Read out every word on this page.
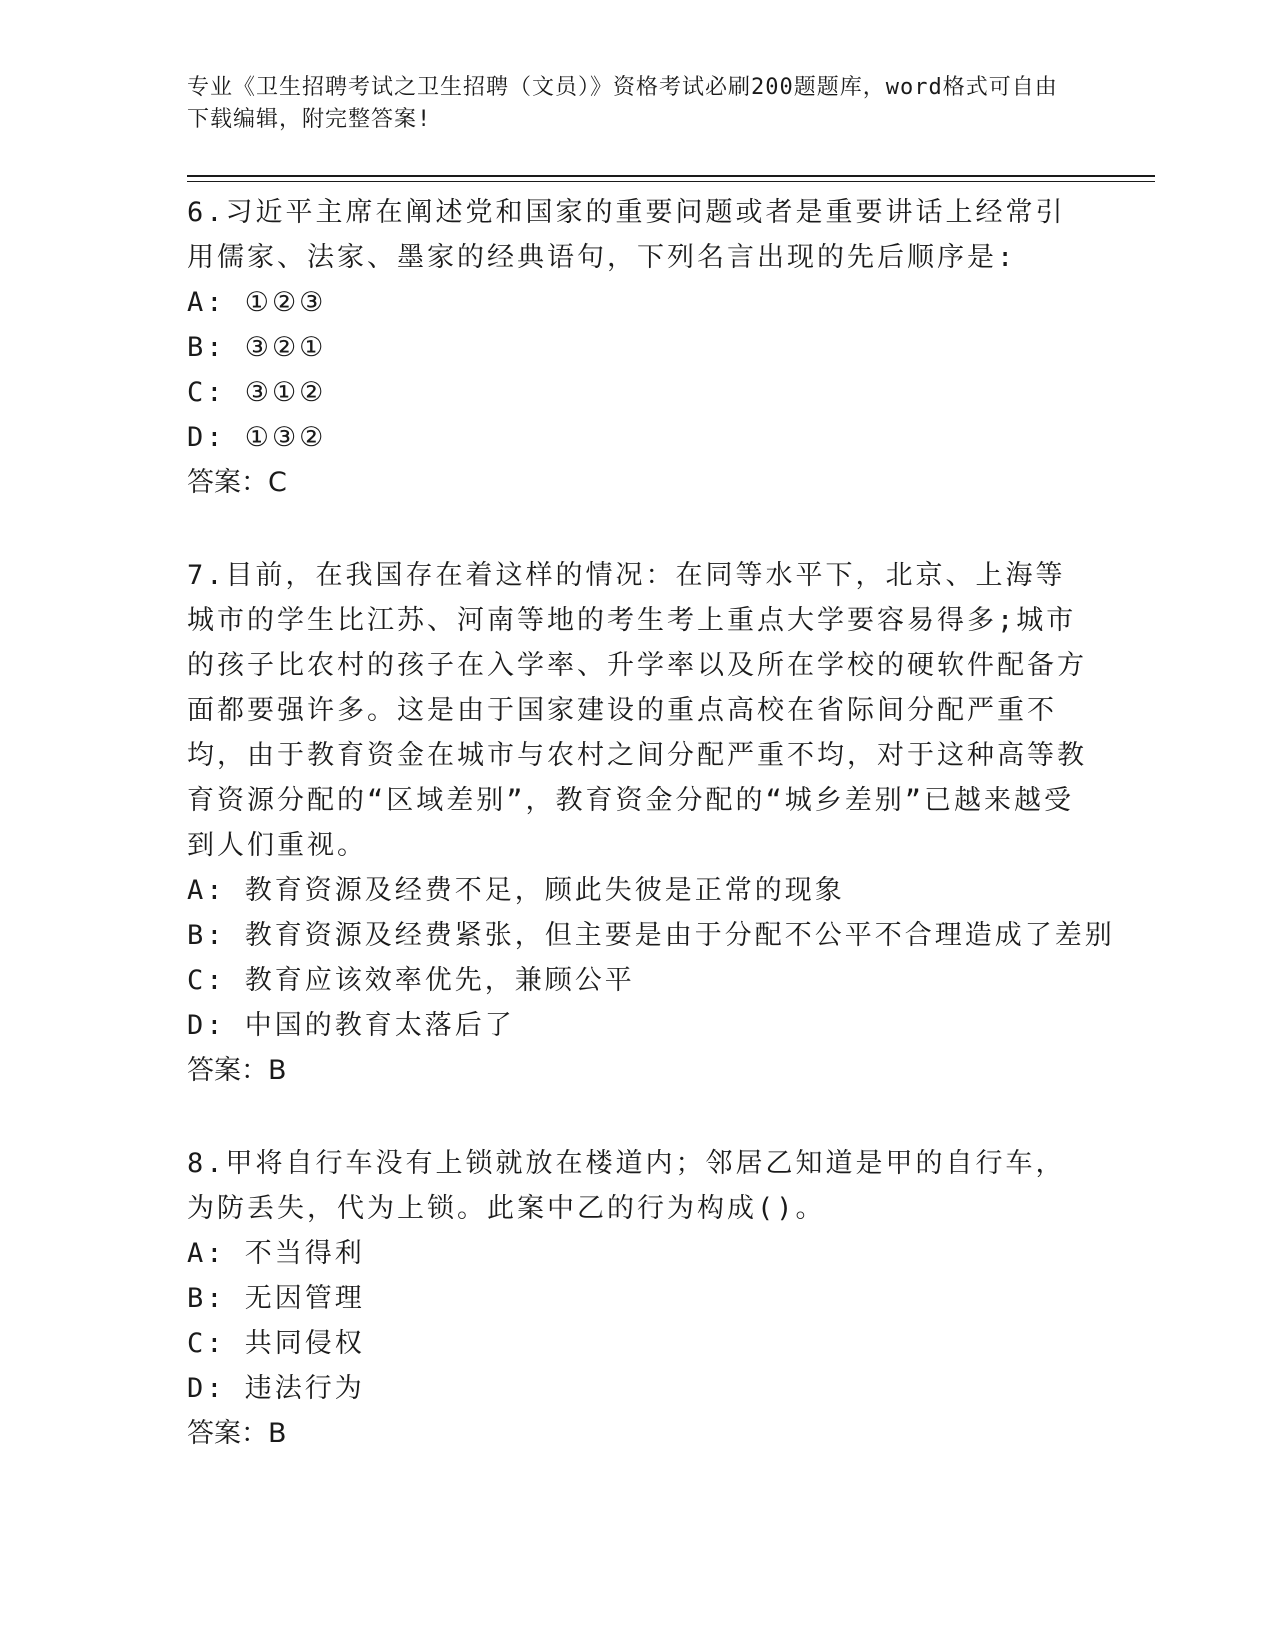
专业《卫生招聘考试之卫生招聘（文员）》资格考试必刷200题题库，word格式可自由下载编辑，附完整答案!

6.习近平主席在阐述党和国家的重要问题或者是重要讲话上经常引用儒家、法家、墨家的经典语句，下列名言出现的先后顺序是:

A: ①②③

B: ③②①

C: ③①②

D: ①③②

答案：C

7.目前，在我国存在着这样的情况：在同等水平下，北京、上海等城市的学生比江苏、河南等地的考生考上重点大学要容易得多;城市的孩子比农村的孩子在入学率、升学率以及所在学校的硬软件配备方面都要强许多。这是由于国家建设的重点高校在省际间分配严重不均，由于教育资金在城市与农村之间分配严重不均，对于这种高等教育资源分配的“区域差别”，教育资金分配的“城乡差别”已越来越受到人们重视。

A: 教育资源及经费不足，顾此失彼是正常的现象

B: 教育资源及经费紧张，但主要是由于分配不公平不合理造成了差别

C: 教育应该效率优先，兼顾公平

D: 中国的教育太落后了

答案：B

8.甲将自行车没有上锁就放在楼道内；邻居乙知道是甲的自行车，为防丢失，代为上锁。此案中乙的行为构成()。

A: 不当得利

B: 无因管理

C: 共同侵权

D: 违法行为

答案：B
